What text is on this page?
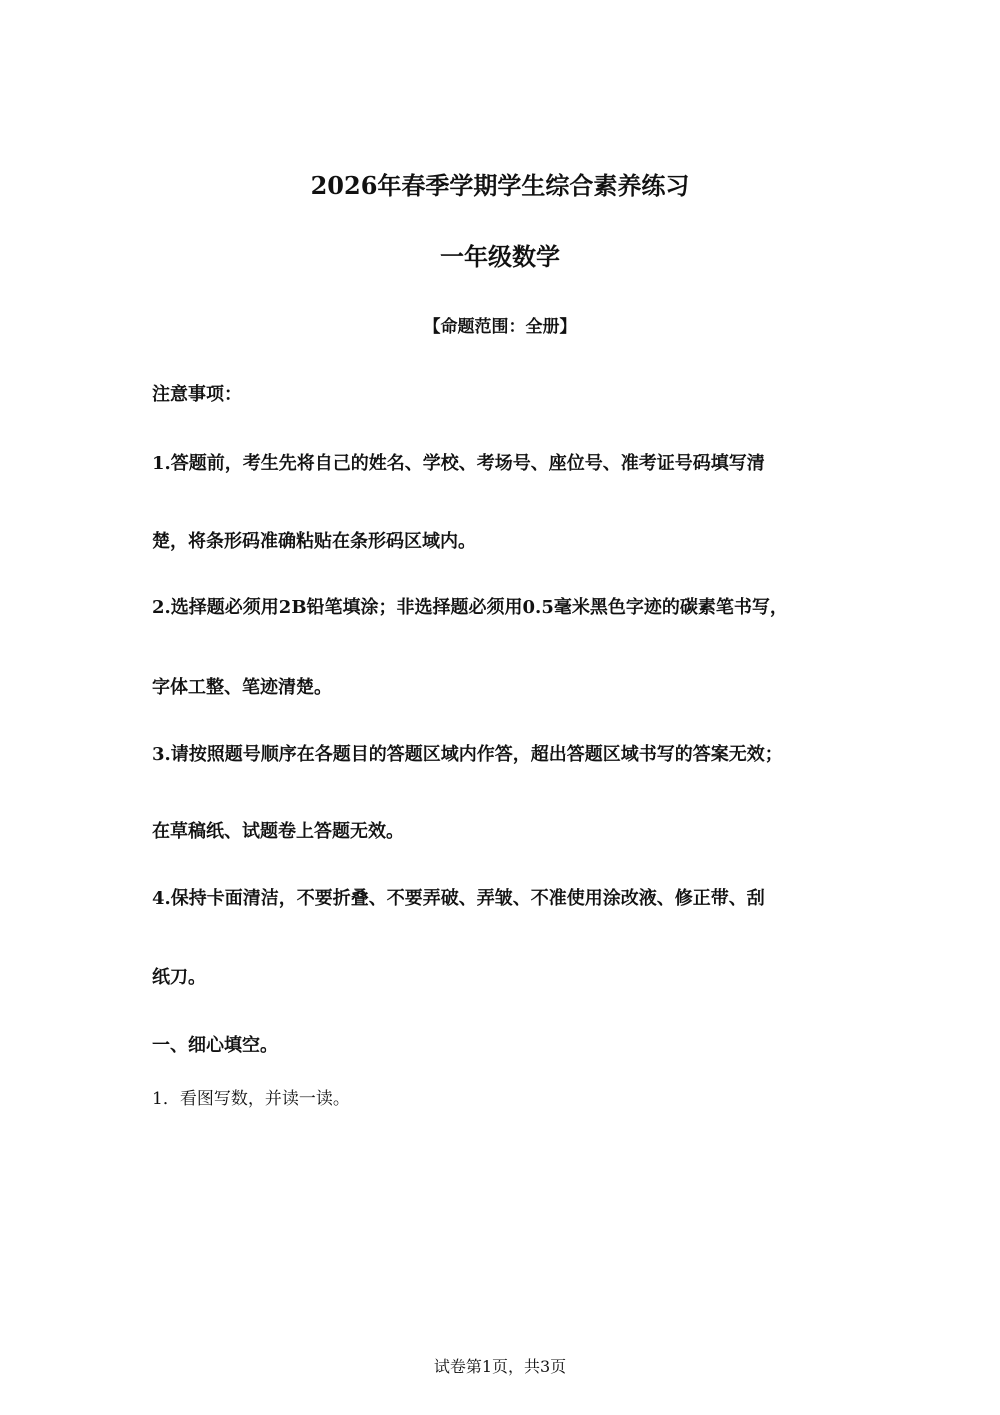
2026年春季学期学生综合素养练习
一年级数学
【命题范围：全册】
注意事项：
1.答题前，考生先将自己的姓名、学校、考场号、座位号、准考证号码填写清
楚，将条形码准确粘贴在条形码区域内。
2.选择题必须用2B铅笔填涂；非选择题必须用0.5毫米黑色字迹的碳素笔书写，
字体工整、笔迹清楚。
3.请按照题号顺序在各题目的答题区域内作答，超出答题区域书写的答案无效；
在草稿纸、试题卷上答题无效。
4.保持卡面清洁，不要折叠、不要弄破、弄皱、不准使用涂改液、修正带、刮
纸刀。
一、细心填空。
1．看图写数，并读一读。
试卷第1页，共3页
